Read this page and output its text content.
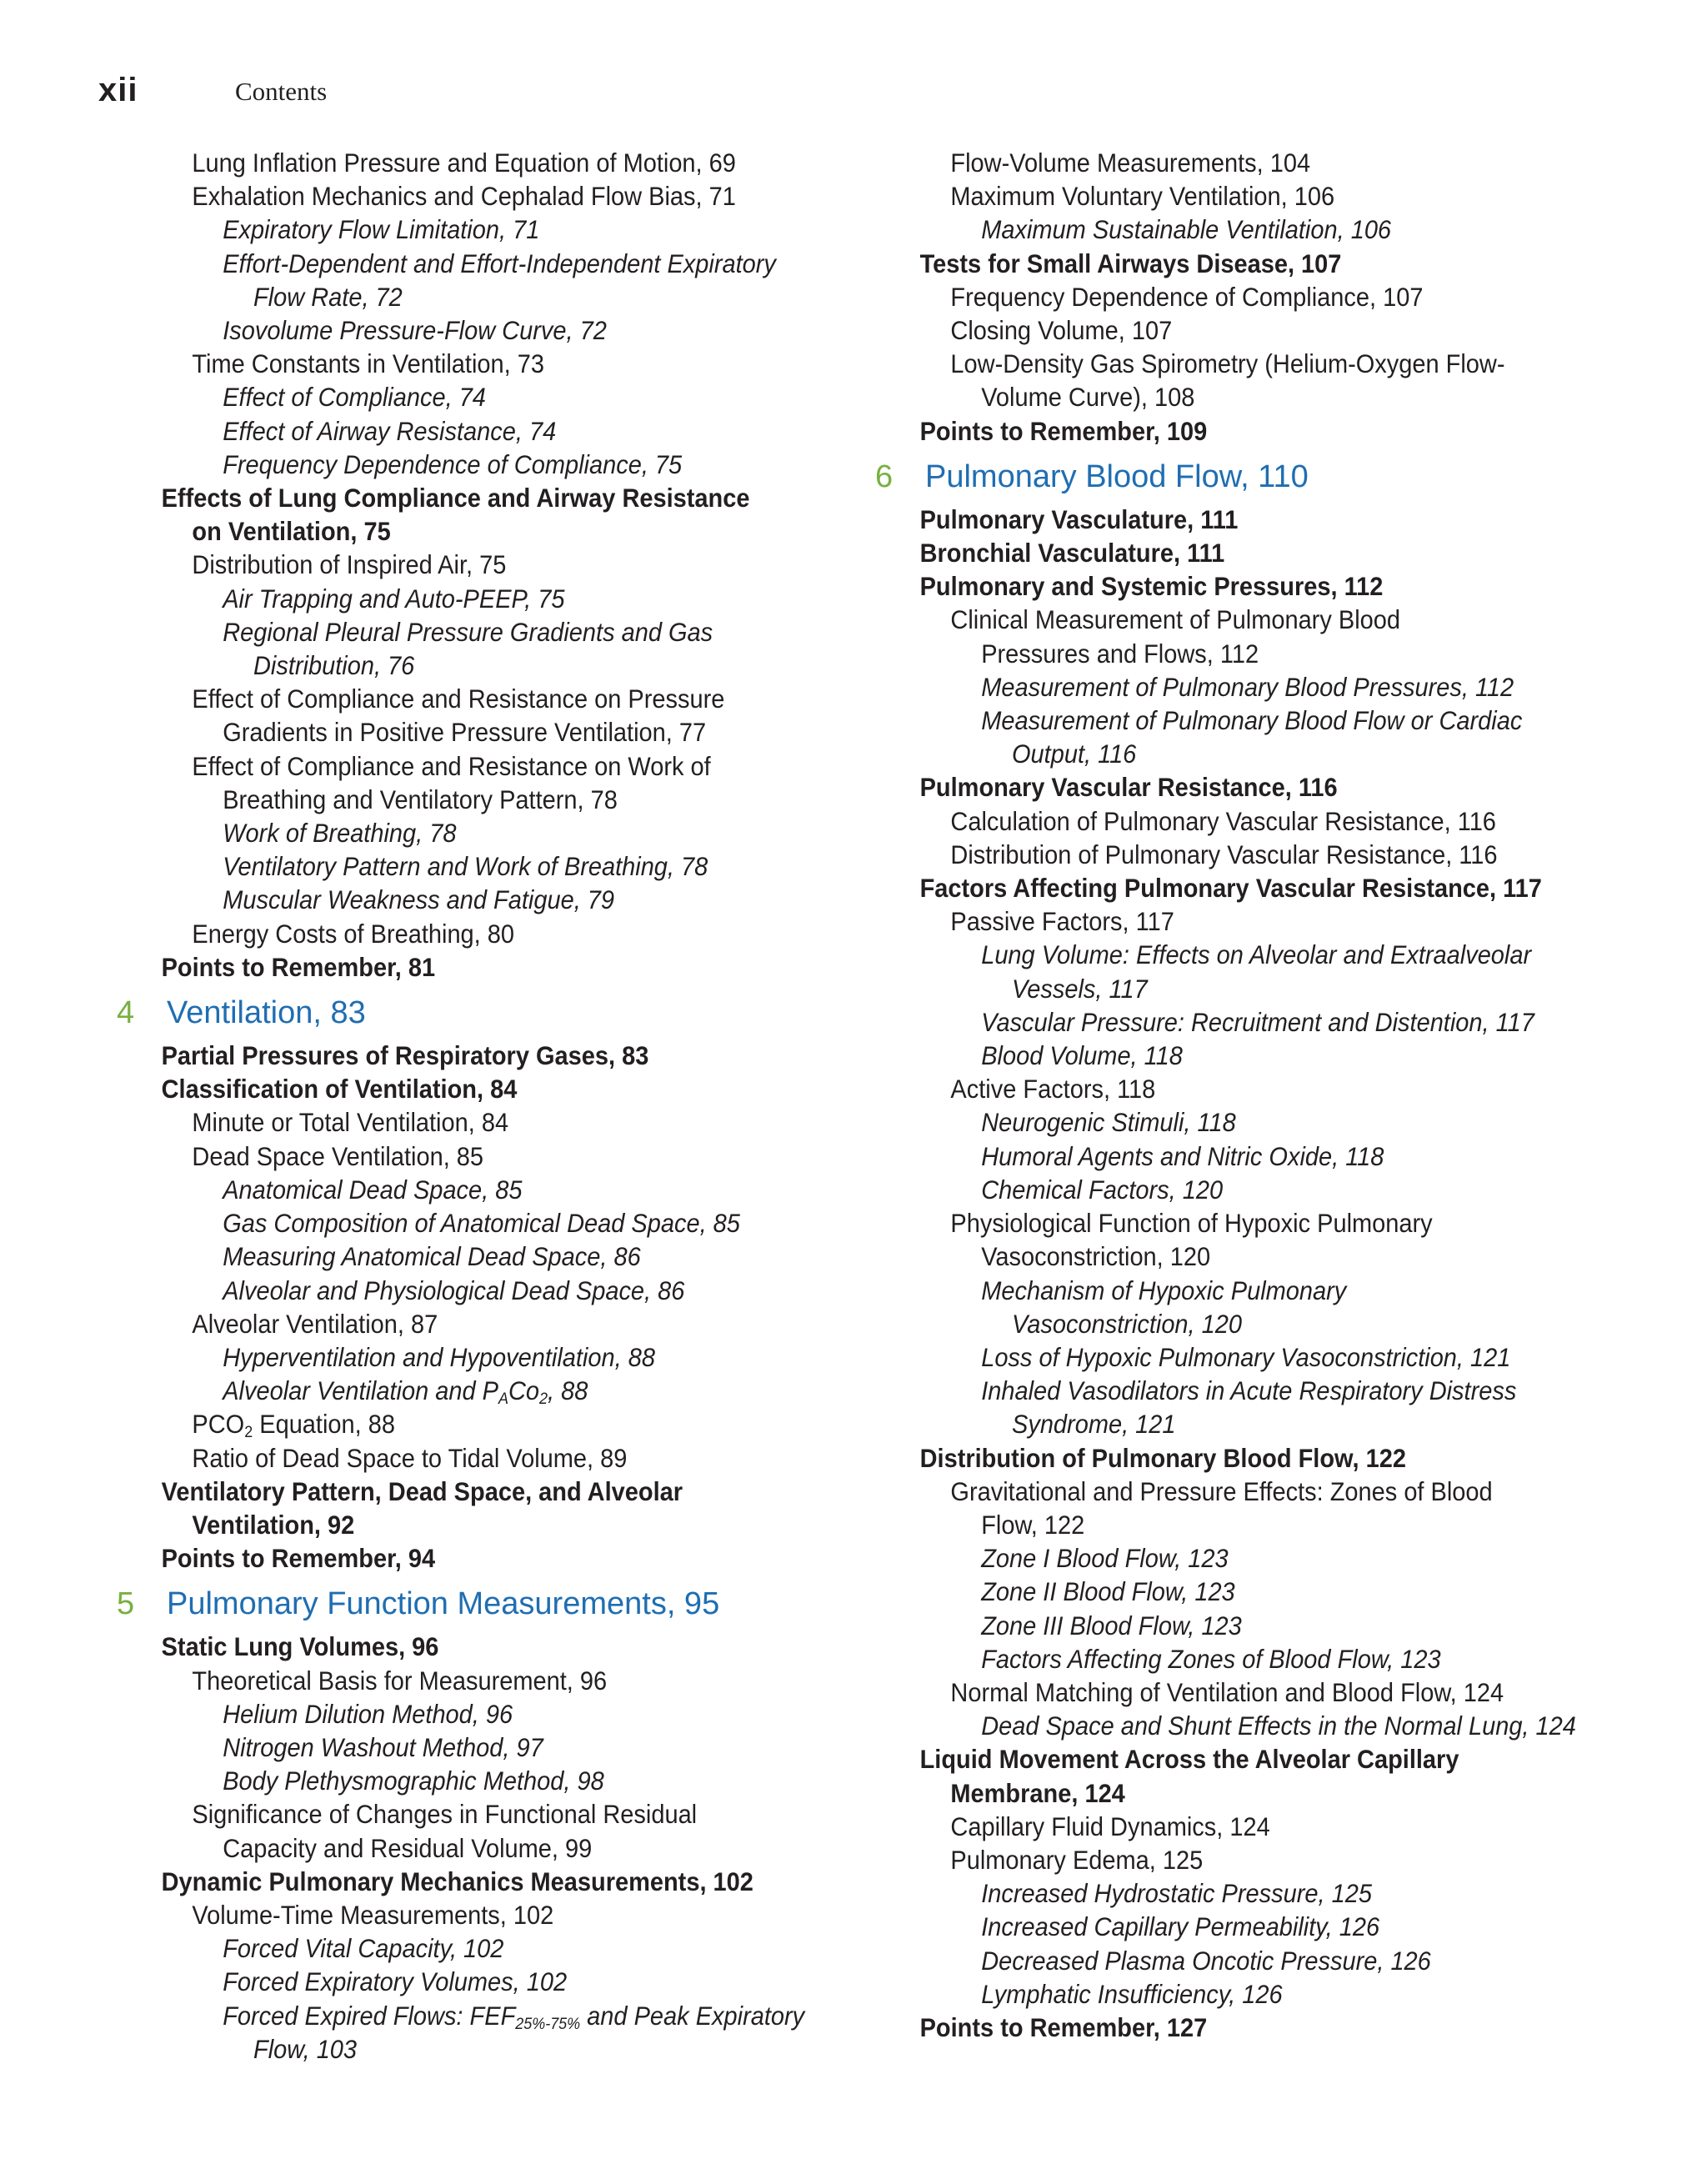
xii	Contents
Lung Inflation Pressure and Equation of Motion, 69
Exhalation Mechanics and Cephalad Flow Bias, 71
Expiratory Flow Limitation, 71
Effort-Dependent and Effort-Independent Expiratory
Flow Rate, 72
Isovolume Pressure-Flow Curve, 72
Time Constants in Ventilation, 73
Effect of Compliance, 74
Effect of Airway Resistance, 74
Frequency Dependence of Compliance, 75
Effects of Lung Compliance and Airway Resistance
on Ventilation, 75
Distribution of Inspired Air, 75
Air Trapping and Auto-PEEP, 75
Regional Pleural Pressure Gradients and Gas
Distribution, 76
Effect of Compliance and Resistance on Pressure
Gradients in Positive Pressure Ventilation, 77
Effect of Compliance and Resistance on Work of
Breathing and Ventilatory Pattern, 78
Work of Breathing, 78
Ventilatory Pattern and Work of Breathing, 78
Muscular Weakness and Fatigue, 79
Energy Costs of Breathing, 80
Points to Remember, 81
4 Ventilation, 83
Partial Pressures of Respiratory Gases, 83
Classification of Ventilation, 84
Minute or Total Ventilation, 84
Dead Space Ventilation, 85
Anatomical Dead Space, 85
Gas Composition of Anatomical Dead Space, 85
Measuring Anatomical Dead Space, 86
Alveolar and Physiological Dead Space, 86
Alveolar Ventilation, 87
Hyperventilation and Hypoventilation, 88
Alveolar Ventilation and $P_ACo_2$, 88
$PCO_2$ Equation, 88
Ratio of Dead Space to Tidal Volume, 89
Ventilatory Pattern, Dead Space, and Alveolar
Ventilation, 92
Points to Remember, 94
5 Pulmonary Function Measurements, 95
Static Lung Volumes, 96
Theoretical Basis for Measurement, 96
Helium Dilution Method, 96
Nitrogen Washout Method, 97
Body Plethysmographic Method, 98
Significance of Changes in Functional Residual
Capacity and Residual Volume, 99
Dynamic Pulmonary Mechanics Measurements, 102
Volume-Time Measurements, 102
Forced Vital Capacity, 102
Forced Expiratory Volumes, 102
Forced Expired Flows: $FEF_{25\%-75\%}$ and Peak Expiratory
Flow, 103
Flow-Volume Measurements, 104
Maximum Voluntary Ventilation, 106
Maximum Sustainable Ventilation, 106
Tests for Small Airways Disease, 107
Frequency Dependence of Compliance, 107
Closing Volume, 107
Low-Density Gas Spirometry (Helium-Oxygen Flow-
Volume Curve), 108
Points to Remember, 109
6 Pulmonary Blood Flow, 110
Pulmonary Vasculature, 111
Bronchial Vasculature, 111
Pulmonary and Systemic Pressures, 112
Clinical Measurement of Pulmonary Blood
Pressures and Flows, 112
Measurement of Pulmonary Blood Pressures, 112
Measurement of Pulmonary Blood Flow or Cardiac
Output, 116
Pulmonary Vascular Resistance, 116
Calculation of Pulmonary Vascular Resistance, 116
Distribution of Pulmonary Vascular Resistance, 116
Factors Affecting Pulmonary Vascular Resistance, 117
Passive Factors, 117
Lung Volume: Effects on Alveolar and Extraalveolar
Vessels, 117
Vascular Pressure: Recruitment and Distention, 117
Blood Volume, 118
Active Factors, 118
Neurogenic Stimuli, 118
Humoral Agents and Nitric Oxide, 118
Chemical Factors, 120
Physiological Function of Hypoxic Pulmonary
Vasoconstriction, 120
Mechanism of Hypoxic Pulmonary
Vasoconstriction, 120
Loss of Hypoxic Pulmonary Vasoconstriction, 121
Inhaled Vasodilators in Acute Respiratory Distress
Syndrome, 121
Distribution of Pulmonary Blood Flow, 122
Gravitational and Pressure Effects: Zones of Blood
Flow, 122
Zone I Blood Flow, 123
Zone II Blood Flow, 123
Zone III Blood Flow, 123
Factors Affecting Zones of Blood Flow, 123
Normal Matching of Ventilation and Blood Flow, 124
Dead Space and Shunt Effects in the Normal Lung, 124
Liquid Movement Across the Alveolar Capillary
Membrane, 124
Capillary Fluid Dynamics, 124
Pulmonary Edema, 125
Increased Hydrostatic Pressure, 125
Increased Capillary Permeability, 126
Decreased Plasma Oncotic Pressure, 126
Lymphatic Insufficiency, 126
Points to Remember, 127
